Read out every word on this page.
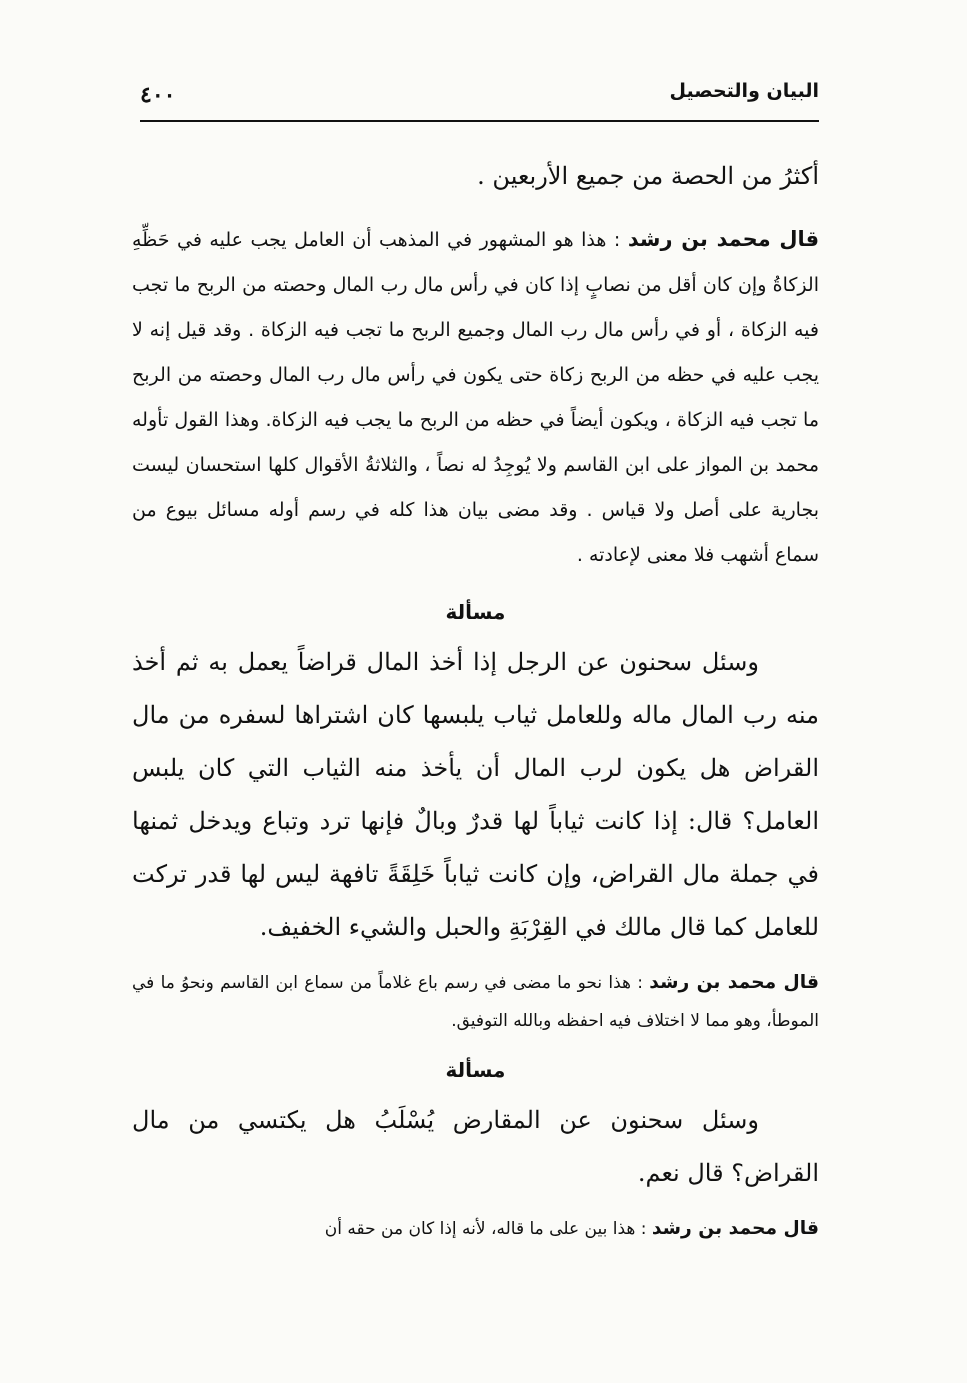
البيان والتحصيل
٤٠٠

أكثرُ من الحصة من جميع الأربعين .

قال محمد بن رشد : هذا هو المشهور في المذهب أن العامل يجب عليه في حَظِّهِ الزكاةُ وإن كان أقل من نصابٍ إذا كان في رأس مال رب المال وحصته من الربح ما تجب فيه الزكاة ، أو في رأس مال رب المال وجميع الربح ما تجب فيه الزكاة . وقد قيل إنه لا يجب عليه في حظه من الربح زكاة حتى يكون في رأس مال رب المال وحصته من الربح ما تجب فيه الزكاة ، ويكون أيضاً في حظه من الربح ما يجب فيه الزكاة. وهذا القول تأوله محمد بن المواز على ابن القاسم ولا يُوجِدُ له نصاً ، والثلاثةُ الأقوال كلها استحسان ليست بجارية على أصل ولا قياس . وقد مضى بيان هذا كله في رسم أوله مسائل بيوع من سماع أشهب فلا معنى لإعادته .

مسألة

وسئل سحنون عن الرجل إذا أخذ المال قراضاً يعمل به ثم أخذ منه رب المال ماله وللعامل ثياب يلبسها كان اشتراها لسفره من مال القراض هل يكون لرب المال أن يأخذ منه الثياب التي كان يلبس العامل؟ قال: إذا كانت ثياباً لها قدرٌ وبالٌ فإنها ترد وتباع ويدخل ثمنها في جملة مال القراض، وإن كانت ثياباً خَلِقَةً تافهة ليس لها قدر تركت للعامل كما قال مالك في القِرْبَةِ والحبل والشيء الخفيف.

قال محمد بن رشد : هذا نحو ما مضى في رسم باع غلاماً من سماع ابن القاسم ونحوُ ما في الموطأ، وهو مما لا اختلاف فيه احفظه وبالله التوفيق.

مسألة

وسئل سحنون عن المقارض يُسْلَبُ هل يكتسي من مال القراض؟ قال نعم.

قال محمد بن رشد : هذا بين على ما قاله، لأنه إذا كان من حقه أن
